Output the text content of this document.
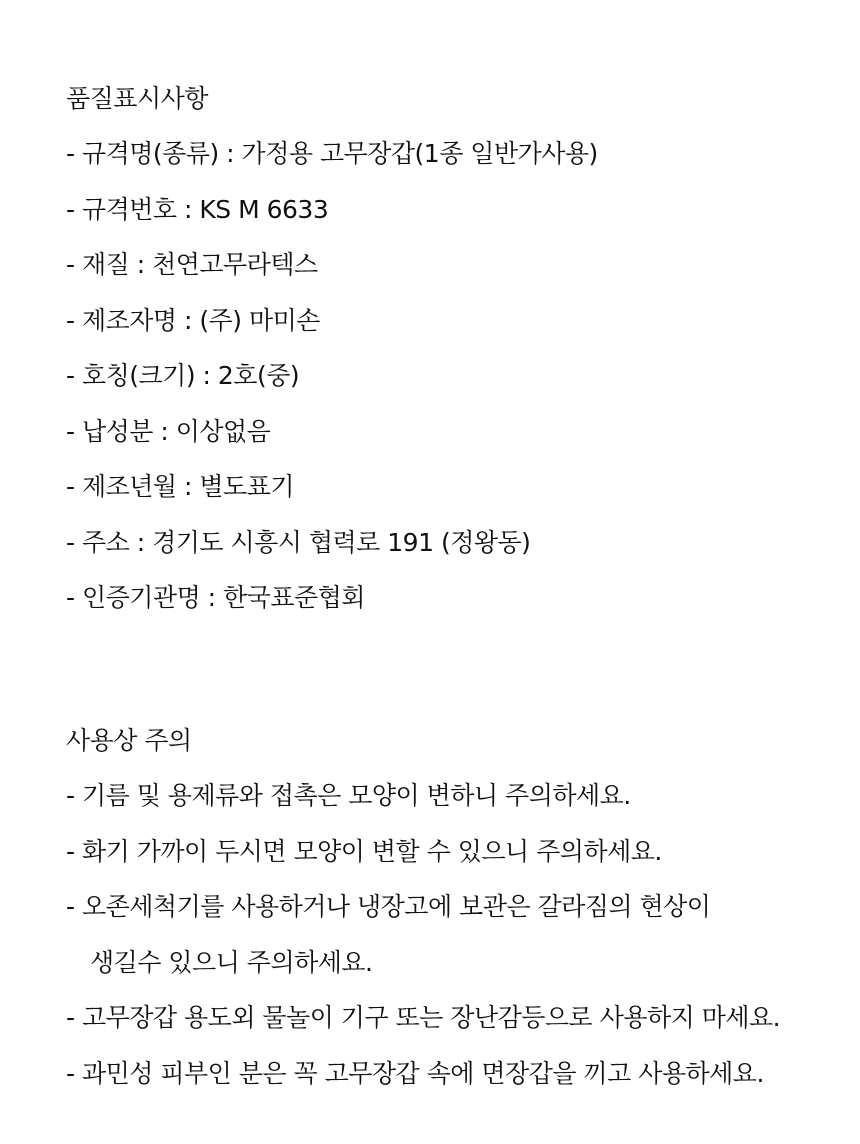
품질표시사항
- 규격명(종류) : 가정용 고무장갑(1종 일반가사용)
- 규격번호 : KS M 6633
- 재질 : 천연고무라텍스
- 제조자명 : (주) 마미손
- 호칭(크기) : 2호(중)
- 납성분 : 이상없음
- 제조년월 : 별도표기
- 주소 : 경기도 시흥시 협력로 191 (정왕동)
- 인증기관명 : 한국표준협회
사용상 주의
- 기름 및 용제류와 접촉은 모양이 변하니 주의하세요.
- 화기 가까이 두시면 모양이 변할 수 있으니 주의하세요.
- 오존세척기를 사용하거나 냉장고에 보관은 갈라짐의 현상이
생길수 있으니 주의하세요.
- 고무장갑 용도외 물놀이 기구 또는 장난감등으로 사용하지 마세요.
- 과민성 피부인 분은 꼭 고무장갑 속에 면장갑을 끼고 사용하세요.
